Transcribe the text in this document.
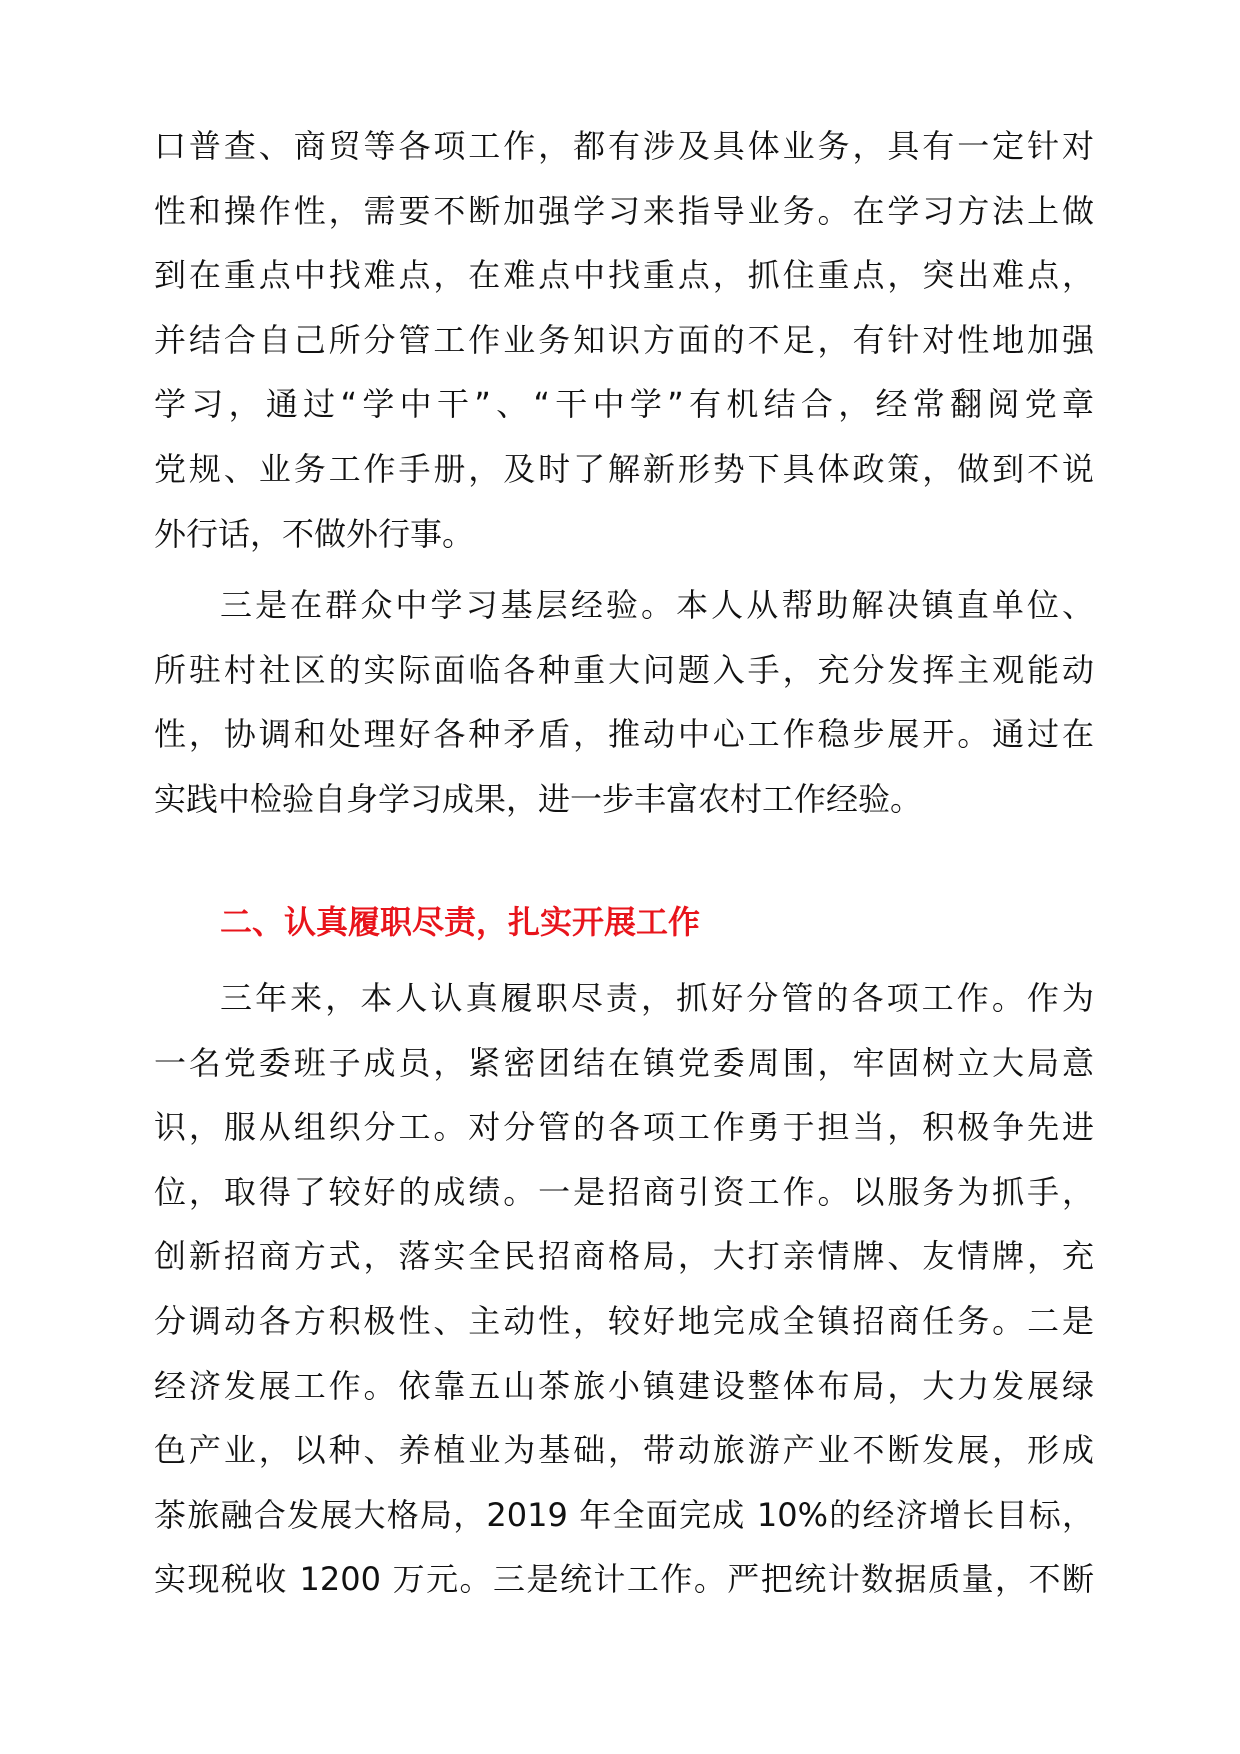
口普查、商贸等各项工作，都有涉及具体业务，具有一定针对
性和操作性，需要不断加强学习来指导业务。在学习方法上做
到在重点中找难点，在难点中找重点，抓住重点，突出难点，
并结合自己所分管工作业务知识方面的不足，有针对性地加强
学习，通过“学中干”、“干中学”有机结合，经常翻阅党章
党规、业务工作手册，及时了解新形势下具体政策，做到不说
外行话，不做外行事。
三是在群众中学习基层经验。本人从帮助解决镇直单位、
所驻村社区的实际面临各种重大问题入手，充分发挥主观能动
性，协调和处理好各种矛盾，推动中心工作稳步展开。通过在
实践中检验自身学习成果，进一步丰富农村工作经验。
二、认真履职尽责，扎实开展工作
三年来，本人认真履职尽责，抓好分管的各项工作。作为
一名党委班子成员，紧密团结在镇党委周围，牢固树立大局意
识，服从组织分工。对分管的各项工作勇于担当，积极争先进
位，取得了较好的成绩。一是招商引资工作。以服务为抓手，
创新招商方式，落实全民招商格局，大打亲情牌、友情牌，充
分调动各方积极性、主动性，较好地完成全镇招商任务。二是
经济发展工作。依靠五山茶旅小镇建设整体布局，大力发展绿
色产业，以种、养植业为基础，带动旅游产业不断发展，形成
茶旅融合发展大格局，2019 年全面完成 10%的经济增长目标，
实现税收 1200 万元。三是统计工作。严把统计数据质量，不断
